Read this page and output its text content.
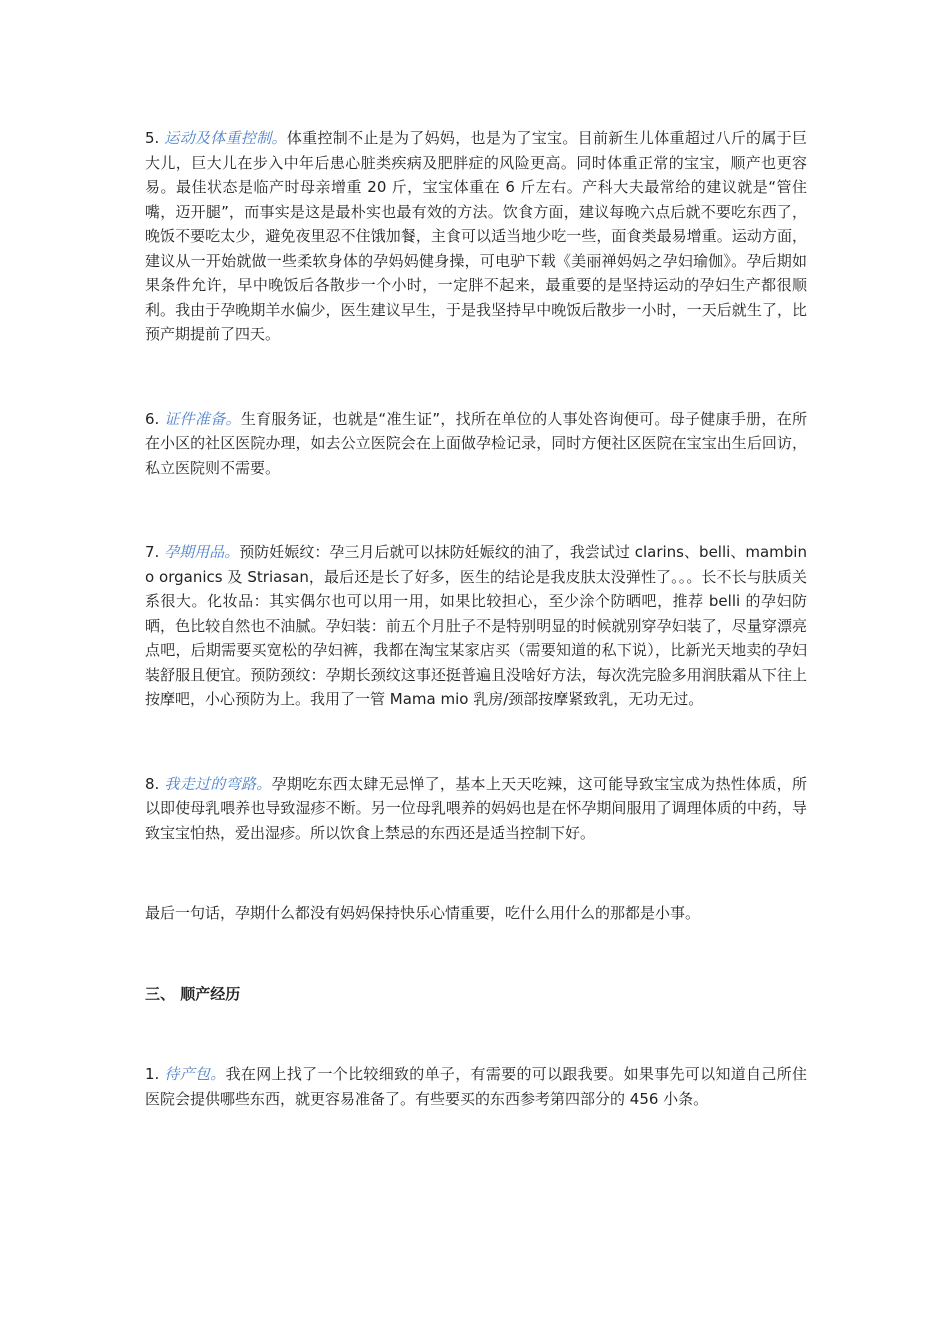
5. 运动及体重控制。体重控制不止是为了妈妈，也是为了宝宝。目前新生儿体重超过八斤的属于巨大儿，巨大儿在步入中年后患心脏类疾病及肥胖症的风险更高。同时体重正常的宝宝，顺产也更容易。最佳状态是临产时母亲增重 20 斤，宝宝体重在 6 斤左右。产科大夫最常给的建议就是“管住嘴，迈开腿”，而事实是这是最朴实也最有效的方法。饮食方面，建议每晚六点后就不要吃东西了，晚饭不要吃太少，避免夜里忍不住饿加餐，主食可以适当地少吃一些，面食类最易增重。运动方面，建议从一开始就做一些柔软身体的孕妈妈健身操，可电驴下载《美丽禅妈妈之孕妇瑜伽》。孕后期如果条件允许，早中晚饭后各散步一个小时，一定胖不起来，最重要的是坚持运动的孕妇生产都很顺利。我由于孕晚期羊水偏少，医生建议早生，于是我坚持早中晚饭后散步一小时，一天后就生了，比预产期提前了四天。

6. 证件准备。生育服务证，也就是“准生证”，找所在单位的人事处咨询便可。母子健康手册，在所在小区的社区医院办理，如去公立医院会在上面做孕检记录，同时方便社区医院在宝宝出生后回访，私立医院则不需要。

7. 孕期用品。预防妊娠纹：孕三月后就可以抹防妊娠纹的油了，我尝试过 clarins、belli、mambino organics 及 Striasan，最后还是长了好多，医生的结论是我皮肤太没弹性了。。。长不长与肤质关系很大。化妆品：其实偶尔也可以用一用，如果比较担心，至少涂个防晒吧，推荐 belli 的孕妇防晒，色比较自然也不油腻。孕妇装：前五个月肚子不是特别明显的时候就别穿孕妇装了，尽量穿漂亮点吧，后期需要买宽松的孕妇裤，我都在淘宝某家店买（需要知道的私下说），比新光天地卖的孕妇装舒服且便宜。预防颈纹：孕期长颈纹这事还挺普遍且没啥好方法，每次洗完脸多用润肤霜从下往上按摩吧，小心预防为上。我用了一管 Mama mio 乳房/颈部按摩紧致乳，无功无过。

8. 我走过的弯路。孕期吃东西太肆无忌惮了，基本上天天吃辣，这可能导致宝宝成为热性体质，所以即使母乳喂养也导致湿疹不断。另一位母乳喂养的妈妈也是在怀孕期间服用了调理体质的中药，导致宝宝怕热，爱出湿疹。所以饮食上禁忌的东西还是适当控制下好。

最后一句话，孕期什么都没有妈妈保持快乐心情重要，吃什么用什么的那都是小事。

三、 顺产经历

1. 待产包。我在网上找了一个比较细致的单子，有需要的可以跟我要。如果事先可以知道自己所住医院会提供哪些东西，就更容易准备了。有些要买的东西参考第四部分的 456 小条。
